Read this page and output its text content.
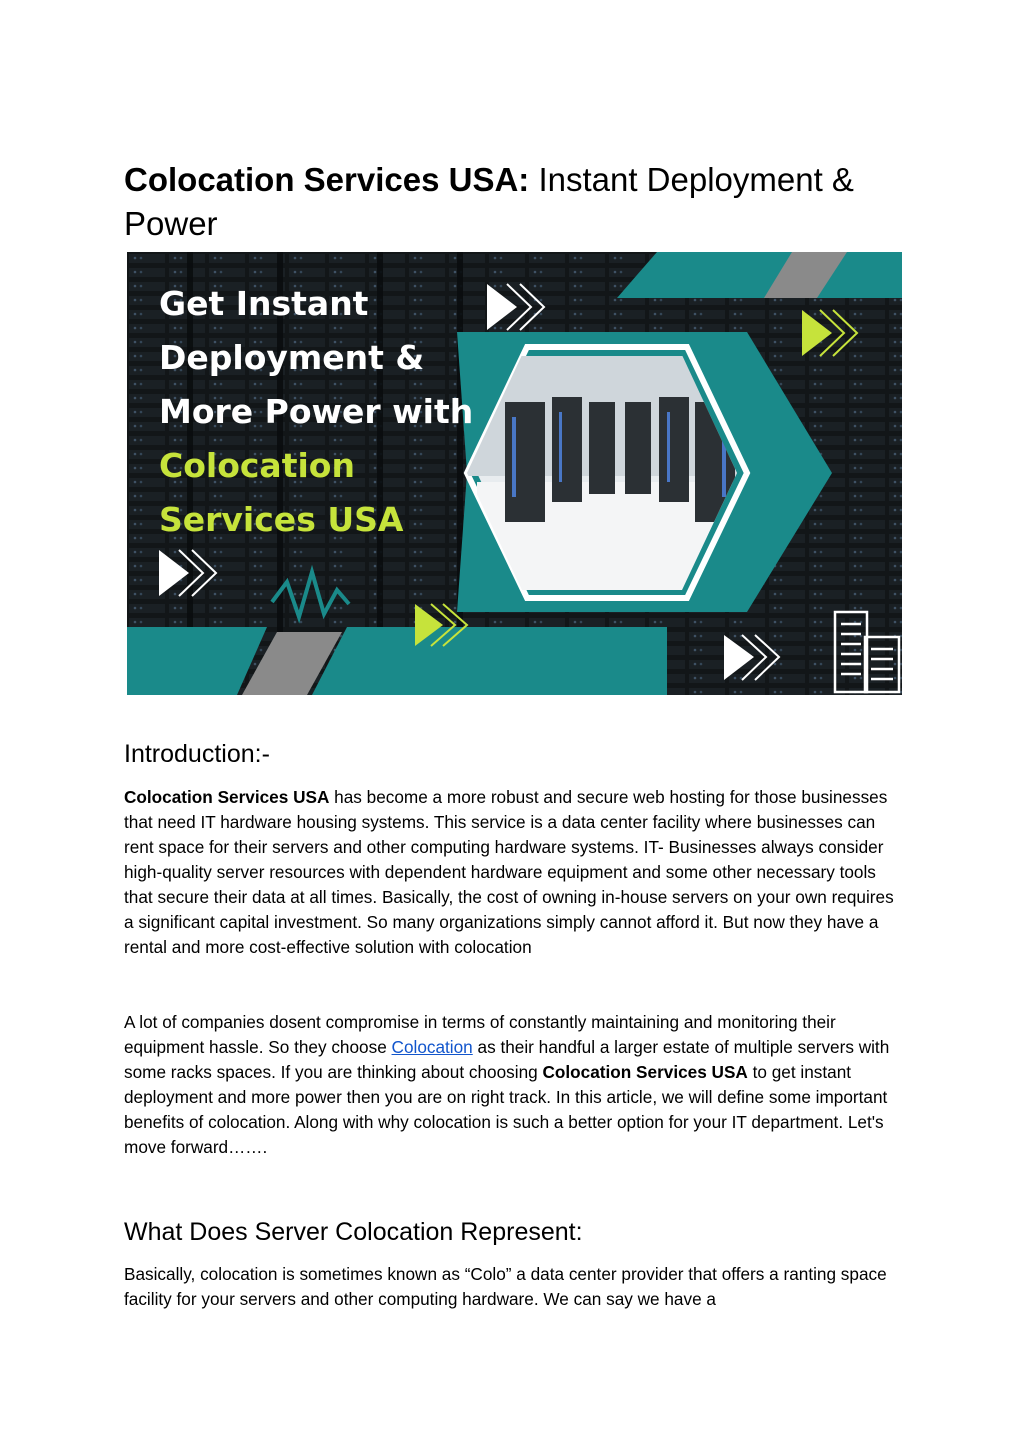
Colocation Services USA: Instant Deployment & Power
Get Instant
Deployment &
More Power with
Colocation
Services USA
Introduction:-

Colocation Services USA has become a more robust and secure web hosting for those businesses that need IT hardware housing systems. This service is a data center facility where businesses can rent space for their servers and other computing hardware systems. IT- Businesses always consider high-quality server resources with dependent hardware equipment and some other necessary tools that secure their data at all times. Basically, the cost of owning in-house servers on your own requires a significant capital investment. So many organizations simply cannot afford it. But now they have a rental and more cost-effective solution with colocation

A lot of companies dosent compromise in terms of constantly maintaining and monitoring their equipment hassle. So they choose Colocation as their handful a larger estate of multiple servers with some racks spaces. If you are thinking about choosing Colocation Services USA to get instant deployment and more power then you are on right track. In this article, we will define some important benefits of colocation. Along with why colocation is such a better option for your IT department. Let's move forward…….

What Does Server Colocation Represent:

Basically, colocation is sometimes known as “Colo” a data center provider that offers a ranting space facility for your servers and other computing hardware. We can say we have a
